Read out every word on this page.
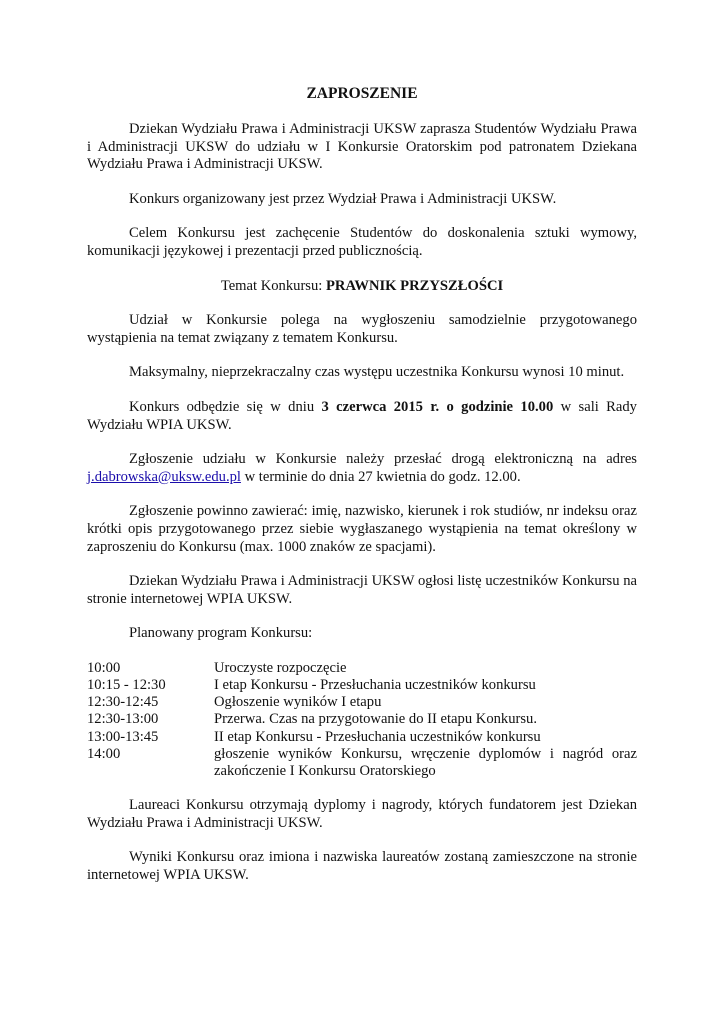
ZAPROSZENIE

Dziekan Wydziału Prawa i Administracji UKSW zaprasza Studentów Wydziału Prawa i Administracji UKSW do udziału w I Konkursie Oratorskim pod patronatem Dziekana Wydziału Prawa i Administracji UKSW.

Konkurs organizowany jest przez Wydział Prawa i Administracji UKSW.

Celem Konkursu jest zachęcenie Studentów do doskonalenia sztuki wymowy, komunikacji językowej i prezentacji przed publicznością.

Temat Konkursu: PRAWNIK PRZYSZŁOŚCI

Udział w Konkursie polega na wygłoszeniu samodzielnie przygotowanego wystąpienia na temat związany z tematem Konkursu.

Maksymalny, nieprzekraczalny czas występu uczestnika Konkursu wynosi 10 minut.

Konkurs odbędzie się w dniu 3 czerwca 2015 r. o godzinie 10.00 w sali Rady Wydziału WPIA UKSW.

Zgłoszenie udziału w Konkursie należy przesłać drogą elektroniczną na adres j.dabrowska@uksw.edu.pl w terminie do dnia 27 kwietnia do godz. 12.00.

Zgłoszenie powinno zawierać: imię, nazwisko, kierunek i rok studiów, nr indeksu oraz krótki opis przygotowanego przez siebie wygłaszanego wystąpienia na temat określony w zaproszeniu do Konkursu (max. 1000 znaków ze spacjami).

Dziekan Wydziału Prawa i Administracji UKSW ogłosi listę uczestników Konkursu na stronie internetowej WPIA UKSW.

Planowany program Konkursu:

10:00	Uroczyste rozpoczęcie
10:15 - 12:30	I etap Konkursu - Przesłuchania uczestników konkursu
12:30-12:45	Ogłoszenie wyników I etapu
12:30-13:00	Przerwa. Czas na przygotowanie do II etapu Konkursu.
13:00-13:45	II etap Konkursu - Przesłuchania uczestników konkursu
14:00	głoszenie wyników Konkursu, wręczenie dyplomów i nagród oraz zakończenie I Konkursu Oratorskiego

Laureaci Konkursu otrzymają dyplomy i nagrody, których fundatorem jest Dziekan Wydziału Prawa i Administracji UKSW.

Wyniki Konkursu oraz imiona i nazwiska laureatów zostaną zamieszczone na stronie internetowej WPIA UKSW.
